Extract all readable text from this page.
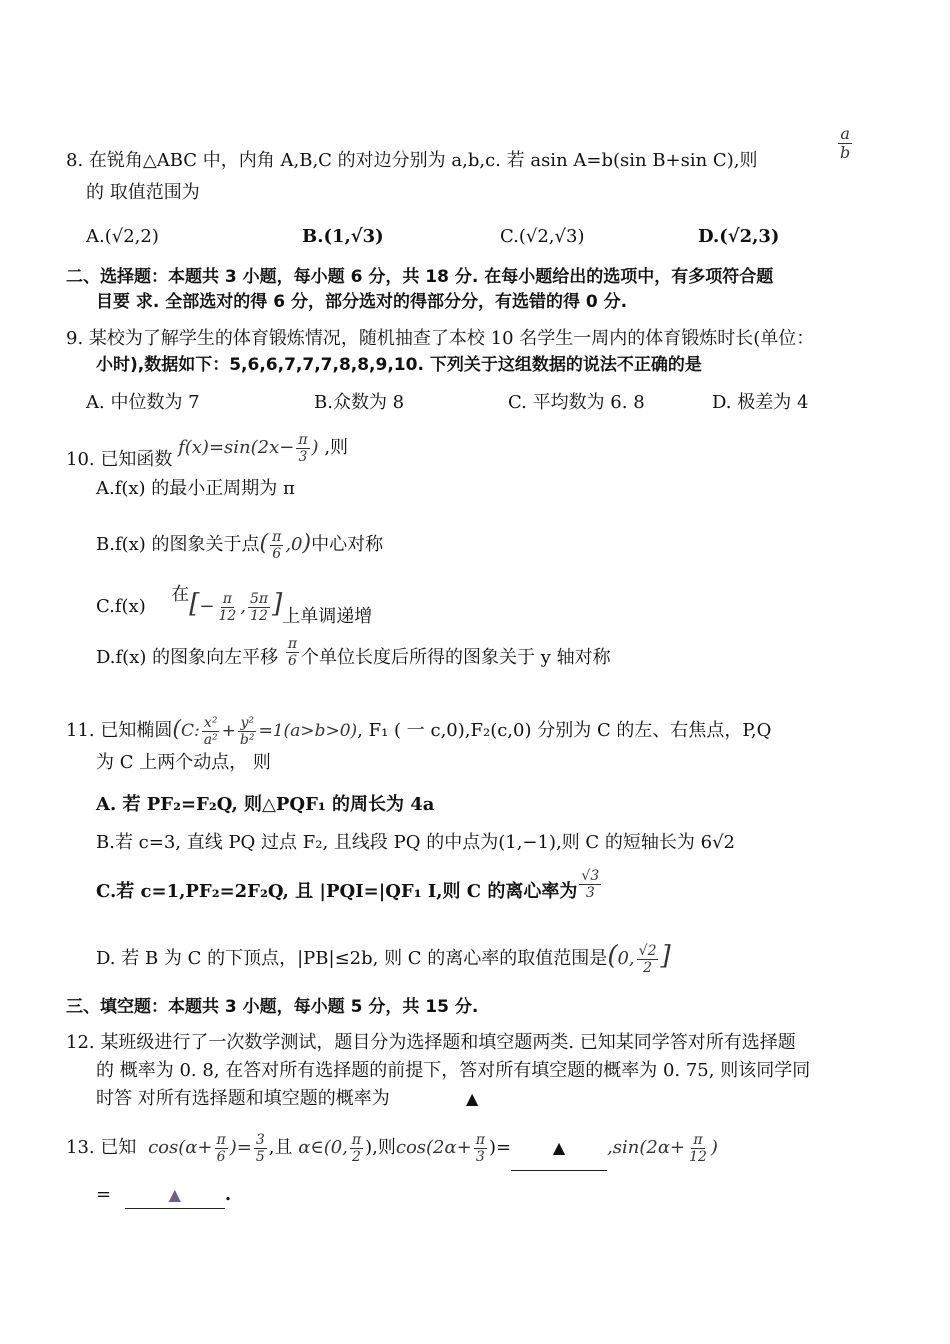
$\frac{a}{b}$
8. 在锐角△ABC 中，内角 A,B,C 的对边分别为 a,b,c. 若 asin A=b(sin B+sin C),则
的 取值范围为
A.(√2,2)	B.(1,√3)	C.(√2,√3)	D.(√2,3)
二、选择题：本题共 3 小题，每小题 6 分，共 18 分. 在每小题给出的选项中，有多项符合题
目要 求. 全部选对的得 6 分，部分选对的得部分分，有选错的得 0 分.
9. 某校为了解学生的体育锻炼情况，随机抽查了本校 10 名学生一周内的体育锻炼时长(单位：
小时),数据如下：5,6,6,7,7,7,8,8,9,10. 下列关于这组数据的说法不正确的是
A. 中位数为 7	B.众数为 8	C. 平均数为 6. 8	D. 极差为 4
10. 已知函数 $f(x)=\sin(2x- \frac{\pi}{3}$ ) ,则
A.f(x) 的最小正周期为 π
B.f(x) 的图象关于点( $\frac{\pi}{6} ,0$)中心对称
C.f(x)  在[− $\frac{\pi}{12}$ , $\frac{5\pi}{12}$ ]上单调递增
D.f(x) 的图象向左平移 $\frac{\pi}{6}$ 个单位长度后所得的图象关于 y 轴对称
11. 已知椭圆(C: $\frac{\text{x²}}{\text{a²}} + \frac{\text{y²}}{\text{b²}} =1(a>b>0)$, F₁ ( 一 c,0),F₂(c,0) 分别为 C 的左、右焦点，P,Q
为 C 上两个动点， 则
A. 若 PF₂=F₂Q, 则△PQF₁ 的周长为 4a
B.若 c=3, 直线 PQ 过点 F₂, 且线段 PQ 的中点为(1,−1),则 C 的短轴长为 6√2
C.若 c=1,PF₂=2F₂Q, 且 |PQI=|QF₁ I,则 C 的离心率为 $\frac{√3}{3}$
D. 若 B 为 C 的下顶点，|PB|≤2b, 则 C 的离心率的取值范围是(0, $\frac{√2}{2}$ ]
三、填空题：本题共 3 小题，每小题 5 分，共 15 分.
12. 某班级进行了一次数学测试，题目分为选择题和填空题两类. 已知某同学答对所有选择题
的 概率为 0. 8, 在答对所有选择题的前提下，答对所有填空题的概率为 0. 75, 则该同学同
时答 对所有选择题和填空题的概率为	▲
13. 已知 $\cos(\alpha+ \frac{\pi}{6}$ )= $\frac{3}{5}$ ,且 α∈(0, $\frac{\pi}{2}$ ),则$\cos(2\alpha+ \frac{\pi}{3}$ )=	▲ $,\sin(2\alpha+ \frac{\pi}{12}$ )
=	▲ .
